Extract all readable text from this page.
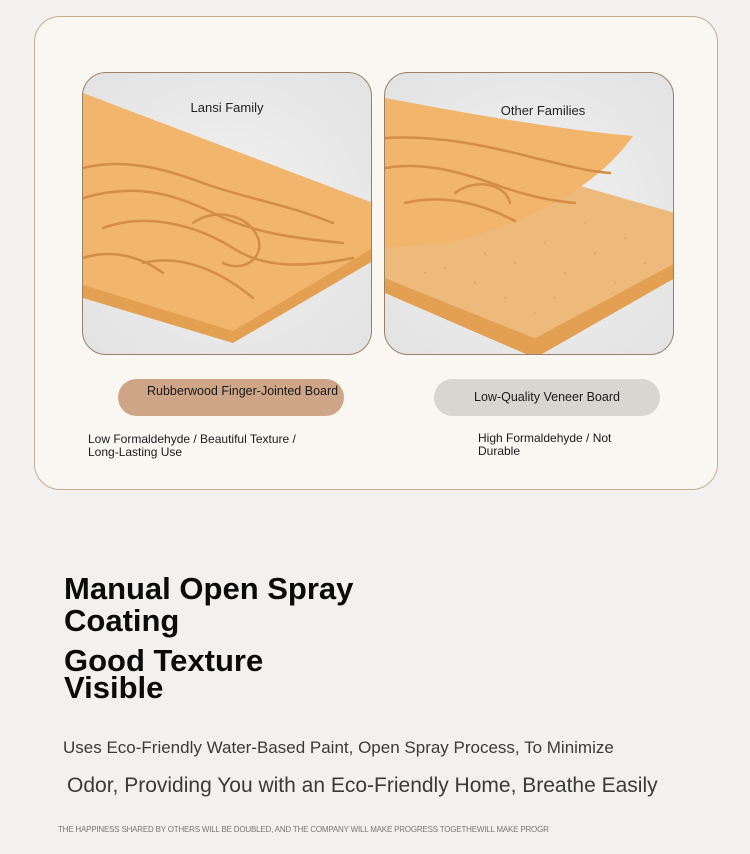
Lansi Family	Other Families
Rubberwood Finger-Jointed Board	Low-Quality Veneer Board
Low Formaldehyde / Beautiful Texture / Long-Lasting Use
High Formaldehyde / Not Durable
Manual Open Spray Coating
Good Texture Visible
Uses Eco-Friendly Water-Based Paint, Open Spray Process, To Minimize
Odor, Providing You with an Eco-Friendly Home, Breathe Easily
THE HAPPINESS SHARED BY OTHERS WILL BE DOUBLED, AND THE COMPANY WILL MAKE PROGRESS TOGETHEWILL MAKE PROGR
